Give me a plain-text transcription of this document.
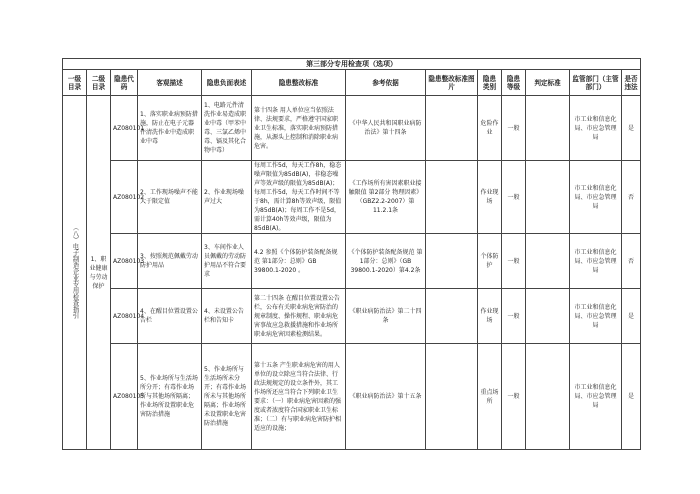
第三部分专用检查项（选项）												
一级目录	二级目录	隐患代码	客观描述	隐患负面表述	隐患整改标准	参考依据	隐患整改标准图片	隐患类别	隐患等级	判定标准	监管部门（主管部门）	是否违法
（八）电子制造企业专用检查指引	1、职业健康与劳动保护	AZ080101	1、落实职业病预防措施，防止在电子元器件清洗作业中造成职业中毒	1、电路元件清洗作业易造成职业中毒（甲苯中毒、三氯乙烯中毒、镉及其化合物中毒）	第十四条 用人单位应当依照法律、法规要求，严格遵守国家职业卫生标准，落实职业病预防措施，从源头上控制和消除职业病危害。	《中华人民共和国职业病防治法》第十四条		危险作业	一般		市工业和信息化局、市应急管理局	是
		AZ080102	2、工作现场噪声不能大于限定值	2、作业现场噪声过大	每周工作5d，每天工作8h，稳态噪声限值为85dB(A)，非稳态噪声等效声级的限值为85dB(A)；每周工作5d，每天工作时间不等于8h，需计算8h等效声级，限值为85dB(A)；每周工作不是5d，需计算40h等效声级，限值为85dB(A)。	《工作场所有害因素职业接触限值 第2部分 物理因素》（GBZ2.2-2007）第11.2.1条		作业现场	一般		市工业和信息化局、市应急管理局	否
		AZ080103	3、按照规范佩戴劳动防护用品	3、车间作业人员佩戴的劳动防护用品不符合要求	4.2 参照《个体防护装备配备规范 第1部分：总则》GB 39800.1-2020 。	《个体防护装备配备规范 第1部分：总则》（GB 39800.1-2020）第4.2条		个体防护	一般		市工业和信息化局、市应急管理局	否
		AZ080104	4、在醒目位置设置公告栏	4、未设置公告栏和告知卡	第二十四条 在醒目位置设置公告栏，公布有关职业病危害防治的规章制度、操作规程、职业病危害事故应急救援措施和作业场所职业病危害因素检测结果。	《职业病防治法》第二十四条		作业现场	一般		市工业和信息化局、市应急管理局	是
		AZ080105	5、作业场所与生活场所分开；有毒作业场所与其他场所隔离；作业场所设置职业危害防治措施	5、作业场所与生活场所未分开；有毒作业场所未与其他场所隔离；作业场所未设置职业危害防治措施	第十五条 产生职业病危害的用人单位的设立除应当符合法律、行政法规规定的设立条件外，其工作场所还应当符合下列职业卫生要求：（一）职业病危害因素的强度或者浓度符合国家职业卫生标准；（二）有与职业病危害防护相适应的设施；	《职业病防治法》第十五条		重点场所	一般		市工业和信息化局、市应急管理局	是
